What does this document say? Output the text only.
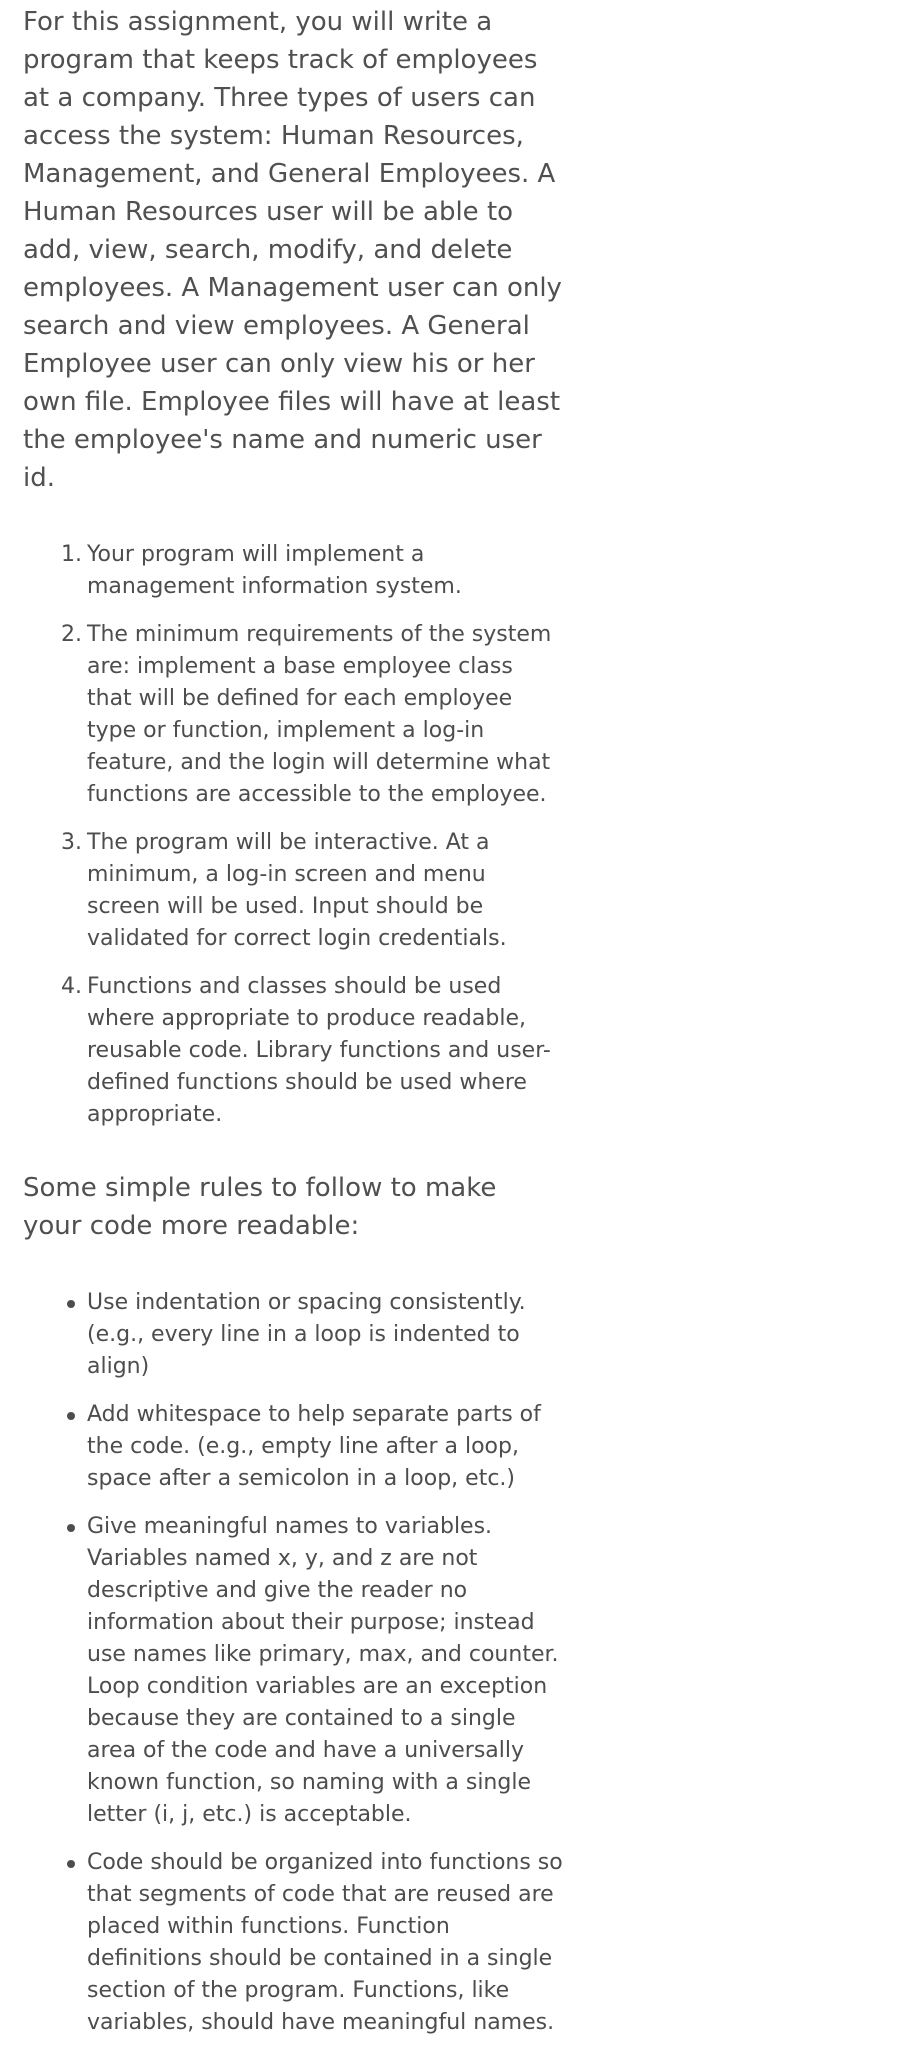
For this assignment, you will write a program that keeps track of employees at a company. Three types of users can access the system: Human Resources, Management, and General Employees. A Human Resources user will be able to add, view, search, modify, and delete employees. A Management user can only search and view employees. A General Employee user can only view his or her own file. Employee files will have at least the employee's name and numeric user id.

1. Your program will implement a management information system.
2. The minimum requirements of the system are: implement a base employee class that will be defined for each employee type or function, implement a log-in feature, and the login will determine what functions are accessible to the employee.
3. The program will be interactive. At a minimum, a log-in screen and menu screen will be used. Input should be validated for correct login credentials.
4. Functions and classes should be used where appropriate to produce readable, reusable code. Library functions and user-defined functions should be used where appropriate.

Some simple rules to follow to make your code more readable:

Use indentation or spacing consistently. (e.g., every line in a loop is indented to align)
Add whitespace to help separate parts of the code. (e.g., empty line after a loop, space after a semicolon in a loop, etc.)
Give meaningful names to variables. Variables named x, y, and z are not descriptive and give the reader no information about their purpose; instead use names like primary, max, and counter. Loop condition variables are an exception because they are contained to a single area of the code and have a universally known function, so naming with a single letter (i, j, etc.) is acceptable.
Code should be organized into functions so that segments of code that are reused are placed within functions. Function definitions should be contained in a single section of the program. Functions, like variables, should have meaningful names.
